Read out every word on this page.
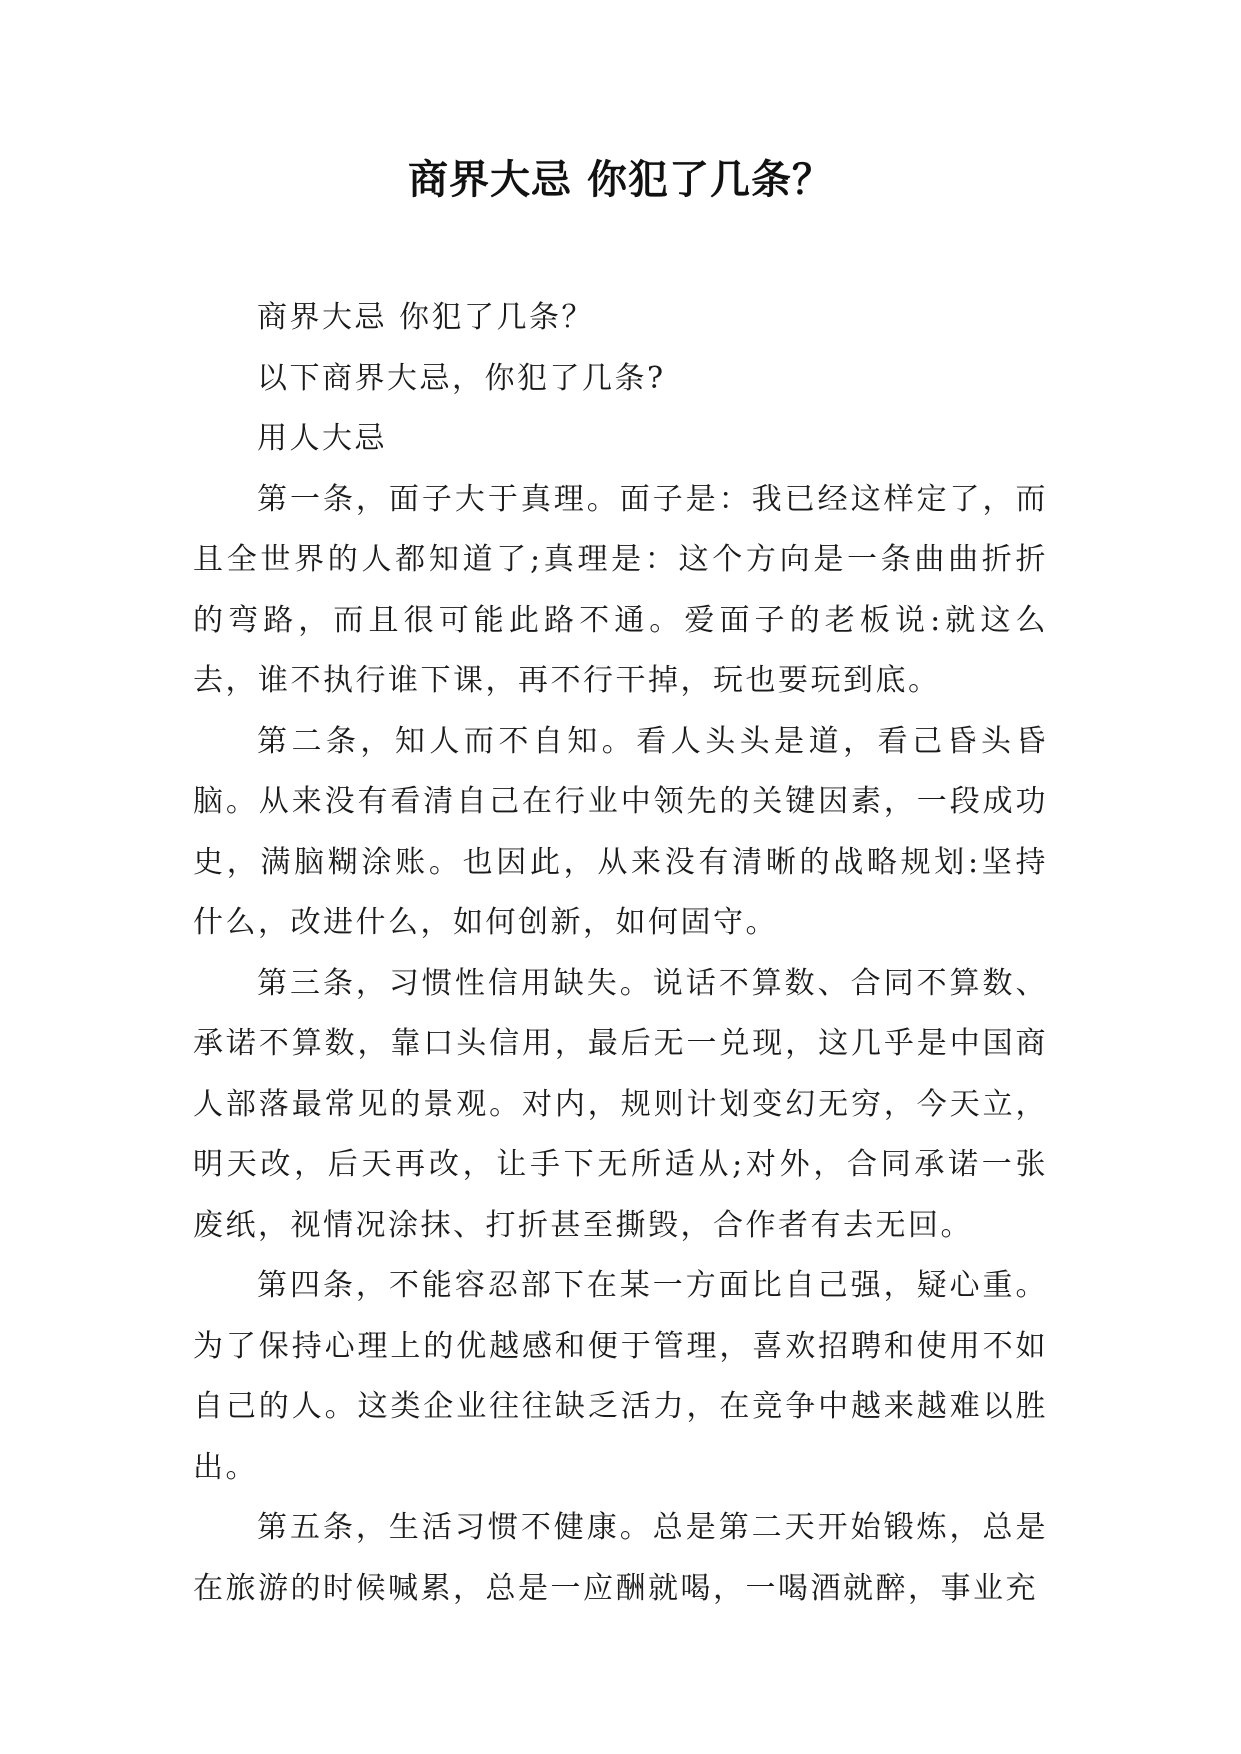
商界大忌 你犯了几条？

商界大忌 你犯了几条？

以下商界大忌，你犯了几条?

用人大忌

第一条，面子大于真理。面子是：我已经这样定了，而且全世界的人都知道了;真理是：这个方向是一条曲曲折折的弯路，而且很可能此路不通。爱面子的老板说:就这么去，谁不执行谁下课，再不行干掉，玩也要玩到底。

第二条，知人而不自知。看人头头是道，看己昏头昏脑。从来没有看清自己在行业中领先的关键因素，一段成功史，满脑糊涂账。也因此，从来没有清晰的战略规划:坚持什么，改进什么，如何创新，如何固守。

第三条，习惯性信用缺失。说话不算数、合同不算数、承诺不算数，靠口头信用，最后无一兑现，这几乎是中国商人部落最常见的景观。对内，规则计划变幻无穷，今天立，明天改，后天再改，让手下无所适从;对外，合同承诺一张废纸，视情况涂抹、打折甚至撕毁，合作者有去无回。

第四条，不能容忍部下在某一方面比自己强，疑心重。为了保持心理上的优越感和便于管理，喜欢招聘和使用不如自己的人。这类企业往往缺乏活力，在竞争中越来越难以胜出。

第五条，生活习惯不健康。总是第二天开始锻炼，总是在旅游的时候喊累，总是一应酬就喝，一喝酒就醉，事业充
